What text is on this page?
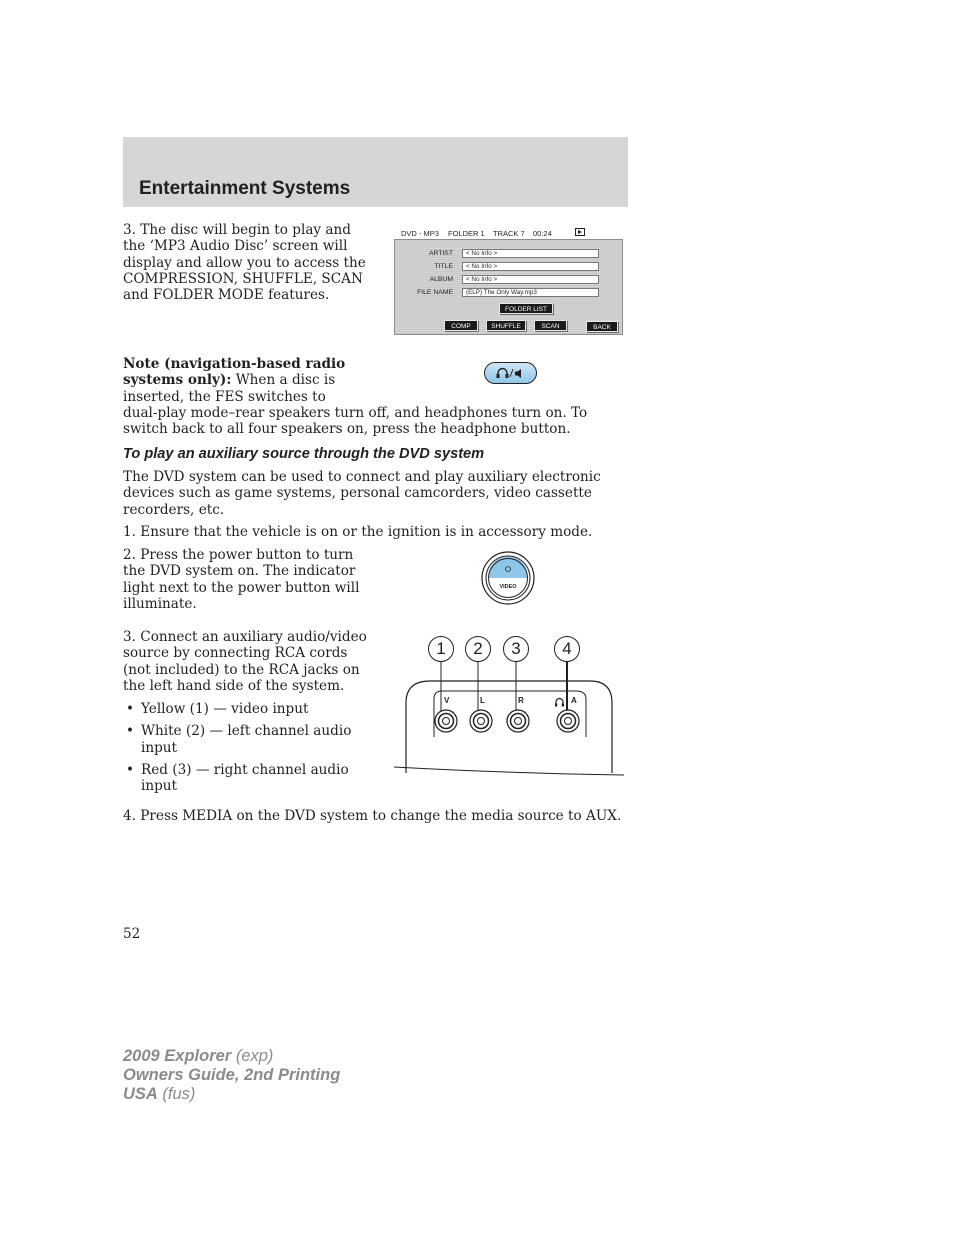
Entertainment Systems
3. The disc will begin to play and the ‘MP3 Audio Disc’ screen will display and allow you to access the COMPRESSION, SHUFFLE, SCAN and FOLDER MODE features.
DVD - MP3 FOLDER 1 TRACK 7 00:24
ARTIST	< No Info >
TITLE	< No Info >
ALBUM	< No Info >
FILE NAME	(ELP) The Only Way.mp3
FOLDER LIST
COMP	SHUFFLE	SCAN	BACK
Note (navigation-based radio systems only): When a disc is inserted, the FES switches to
dual-play mode–rear speakers turn off, and headphones turn on. To switch back to all four speakers on, press the headphone button.
To play an auxiliary source through the DVD system
The DVD system can be used to connect and play auxiliary electronic devices such as game systems, personal camcorders, video cassette recorders, etc.
1. Ensure that the vehicle is on or the ignition is in accessory mode.
2. Press the power button to turn the DVD system on. The indicator light next to the power button will illuminate.
VIDEO
3. Connect an auxiliary audio/video source by connecting RCA cords (not included) to the RCA jacks on the left hand side of the system.
• Yellow (1) — video input
• White (2) — left channel audio input
• Red (3) — right channel audio input
1 2 3 4
V	L	R	A
4. Press MEDIA on the DVD system to change the media source to AUX.
52
2009 Explorer (exp)
Owners Guide, 2nd Printing
USA (fus)
